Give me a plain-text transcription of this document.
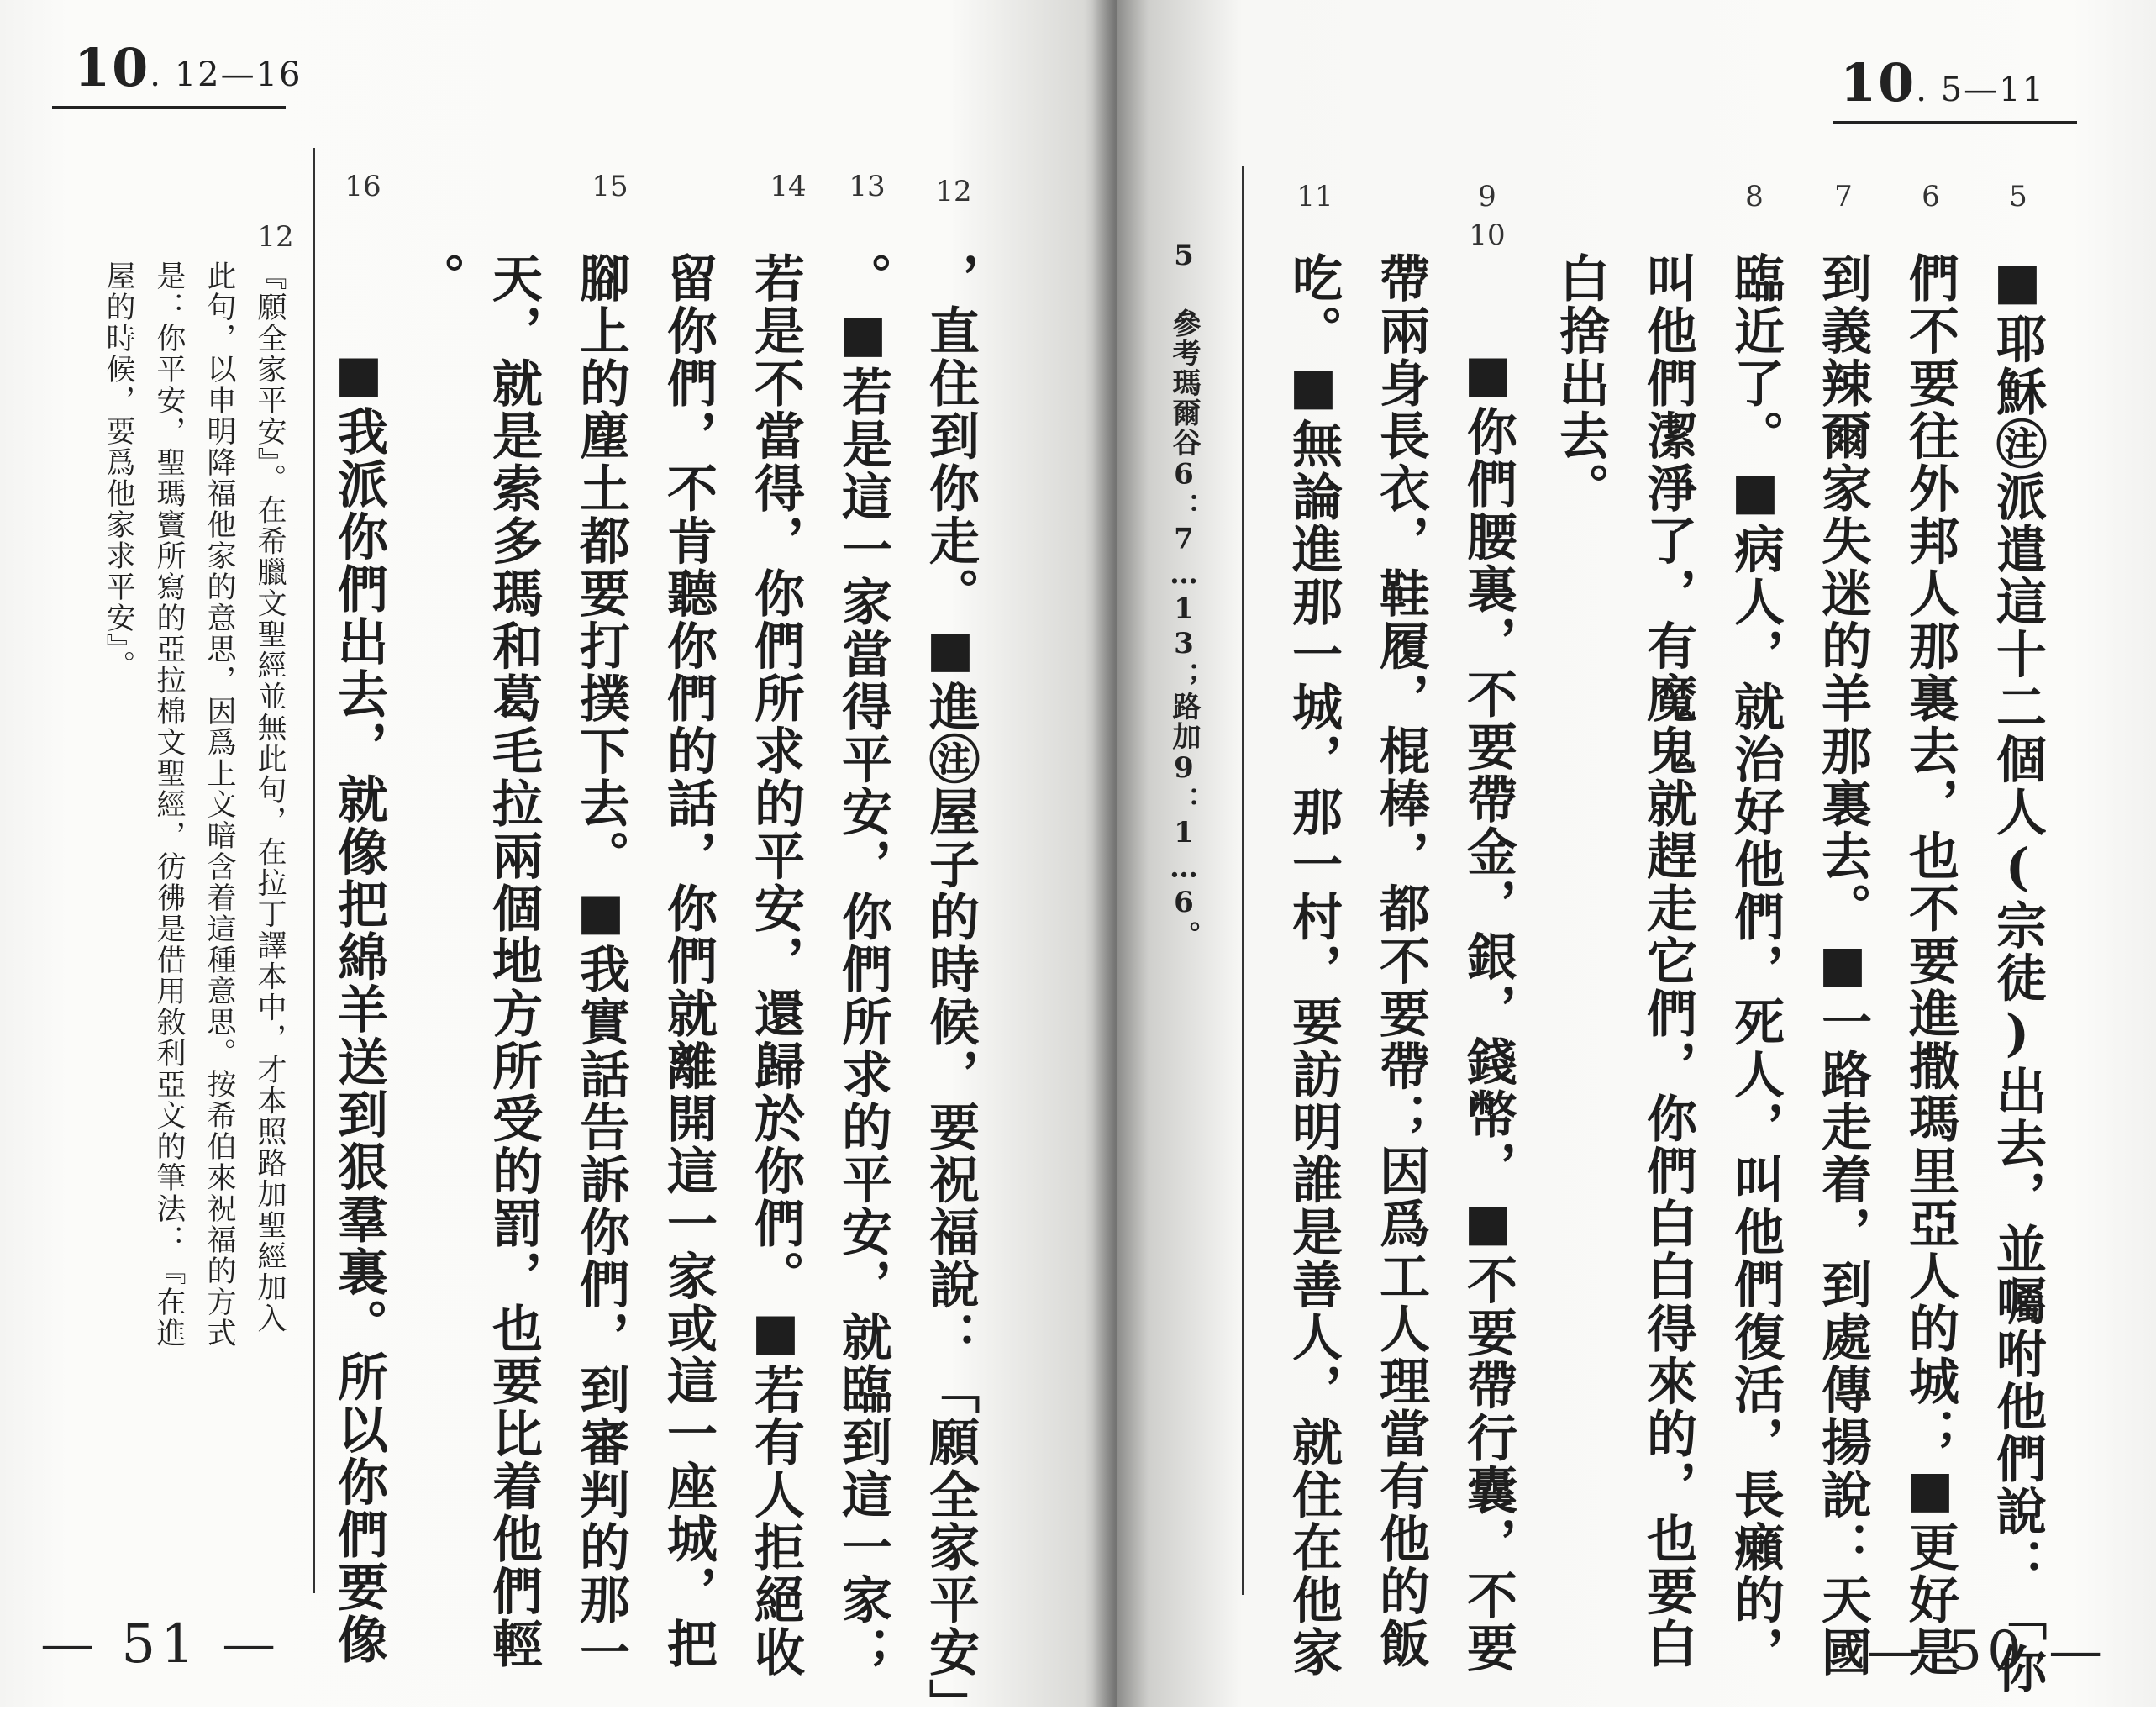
10. 12—16
12
13
14
15
16

，直住到你走。■進㊟屋子的時候，要祝福說：「願全家平安」

。■若是這一家當得平安，你們所求的平安，就臨到這一家；

若是不當得，你們所求的平安，還歸於你們。■若有人拒絕收

留你們，不肯聽你們的話，你們就離開這一家或這一座城，把

腳上的塵土都要打撲下去。■我實話告訴你們，到審判的那一

天，就是索多瑪和葛毛拉兩個地方所受的罰，也要比着他們輕

。

■我派你們出去，就像把綿羊送到狠羣裏。所以你們要像

12

『願全家平安』。在希臘文聖經並無此句，在拉丁譯本中，才本照路加聖經加入

此句，以申明降福他家的意思，因爲上文暗含着這種意思。按希伯來祝福的方式

是：你平安，聖瑪竇所寫的亞拉棉文聖經，彷彿是借用敘利亞文的筆法：『在進

屋的時候，要爲他家求平安』。

— 51 —
10. 5—11
5
6
7
8
9
10
11

■耶穌㊟派遣這十二個人(宗徒)出去，並囑咐他們說：「你

們不要往外邦人那裏去，也不要進撒瑪里亞人的城；■更好是

到義辣爾家失迷的羊那裏去。■一路走着，到處傳揚說：天國

臨近了。■病人，就治好他們，死人，叫他們復活，長癩的，

叫他們潔淨了，有魔鬼就趕走它們，你們白白得來的，也要白

白捨出去。

■你們腰裏，不要帶金，銀，錢幣，■不要帶行囊，不要

帶兩身長衣，鞋履，棍棒，都不要帶；因爲工人理當有他的飯

吃。■無論進那一城，那一村，要訪明誰是善人，就住在他家

5 參考瑪爾谷6：7…13；路加9：1…6。

— 50 —
